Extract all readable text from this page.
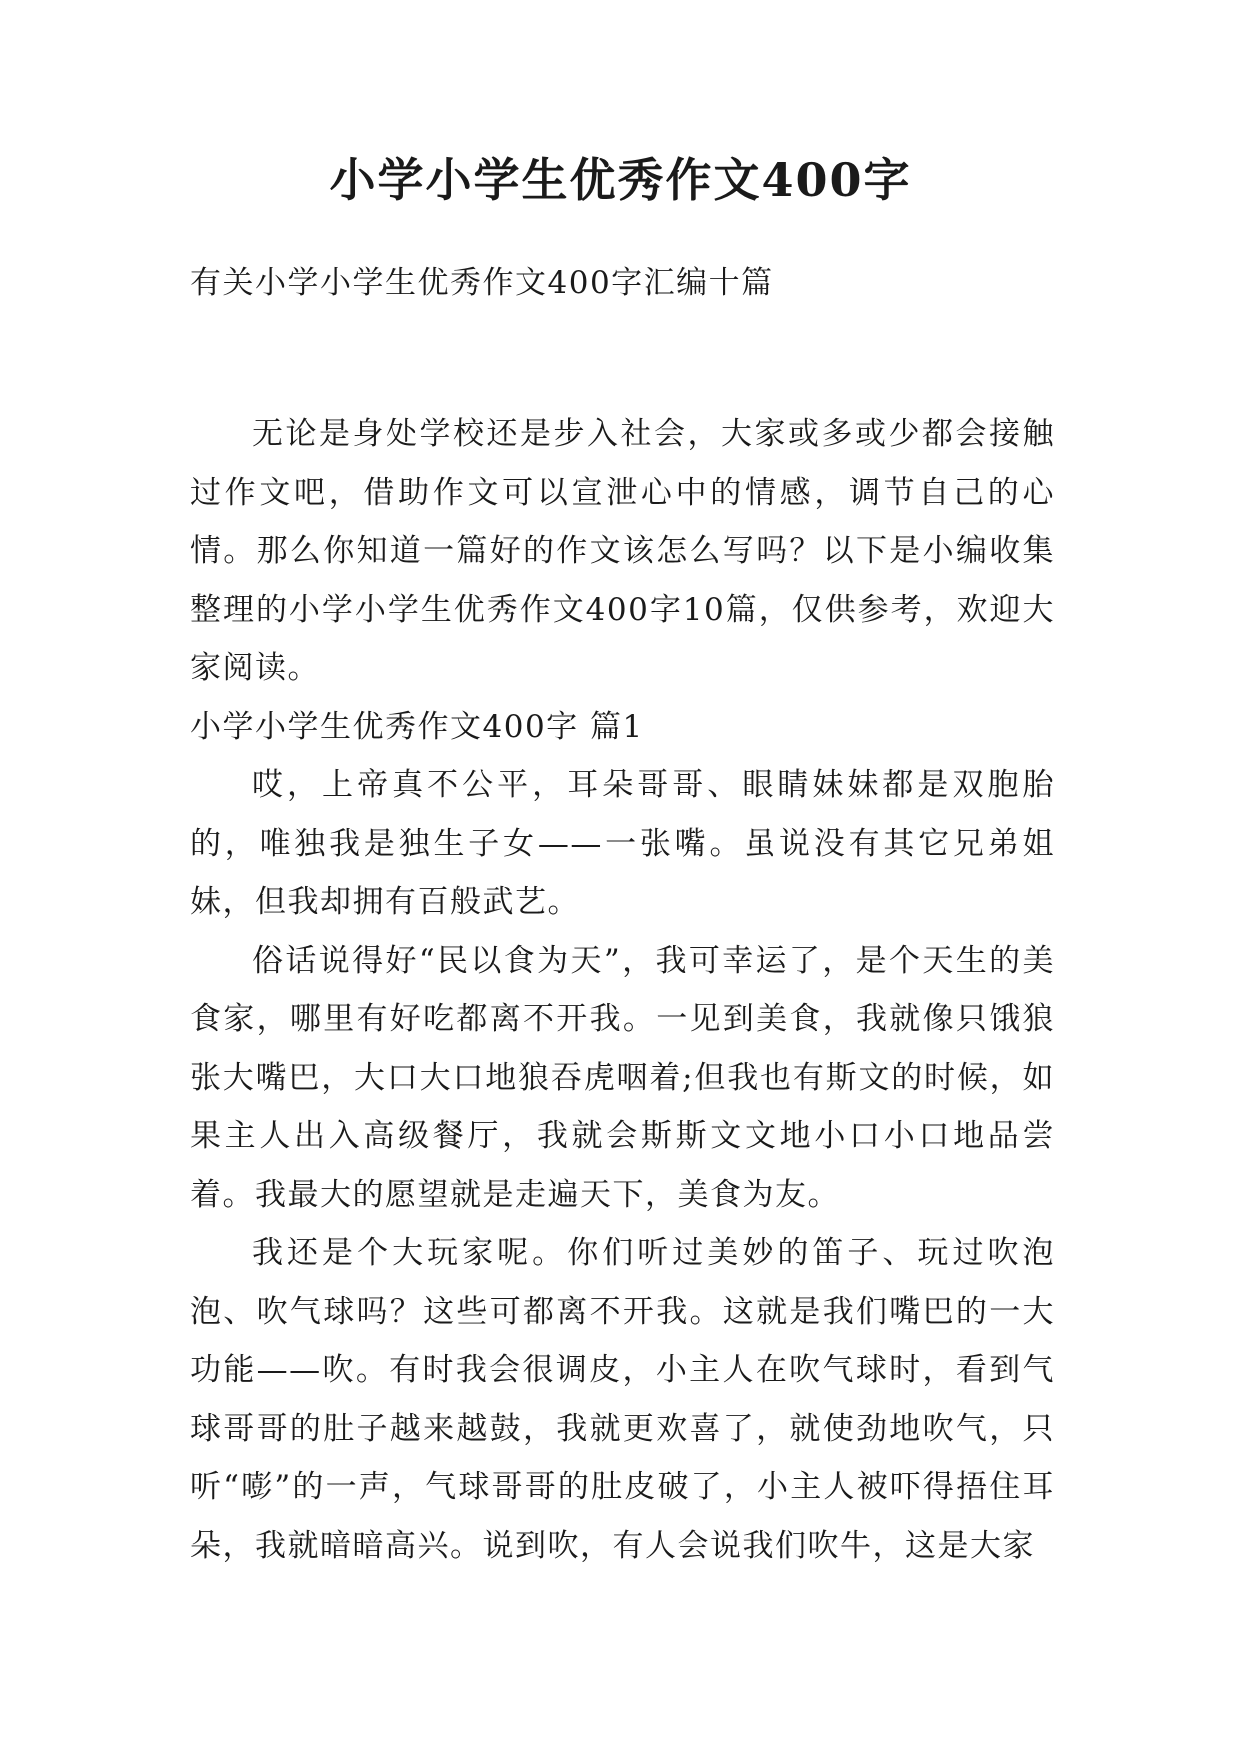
小学小学生优秀作文400字
有关小学小学生优秀作文400字汇编十篇

无论是身处学校还是步入社会，大家或多或少都会接触过作文吧，借助作文可以宣泄心中的情感，调节自己的心情。那么你知道一篇好的作文该怎么写吗？以下是小编收集整理的小学小学生优秀作文400字10篇，仅供参考，欢迎大家阅读。

小学小学生优秀作文400字 篇1

哎，上帝真不公平，耳朵哥哥、眼睛妹妹都是双胞胎的，唯独我是独生子女——一张嘴。虽说没有其它兄弟姐妹，但我却拥有百般武艺。

俗话说得好“民以食为天”，我可幸运了，是个天生的美食家，哪里有好吃都离不开我。一见到美食，我就像只饿狼张大嘴巴，大口大口地狼吞虎咽着;但我也有斯文的时候，如果主人出入高级餐厅，我就会斯斯文文地小口小口地品尝着。我最大的愿望就是走遍天下，美食为友。

我还是个大玩家呢。你们听过美妙的笛子、玩过吹泡泡、吹气球吗？这些可都离不开我。这就是我们嘴巴的一大功能——吹。有时我会很调皮，小主人在吹气球时，看到气球哥哥的肚子越来越鼓，我就更欢喜了，就使劲地吹气，只听“嘭”的一声，气球哥哥的肚皮破了，小主人被吓得捂住耳朵，我就暗暗高兴。说到吹，有人会说我们吹牛，这是大家
